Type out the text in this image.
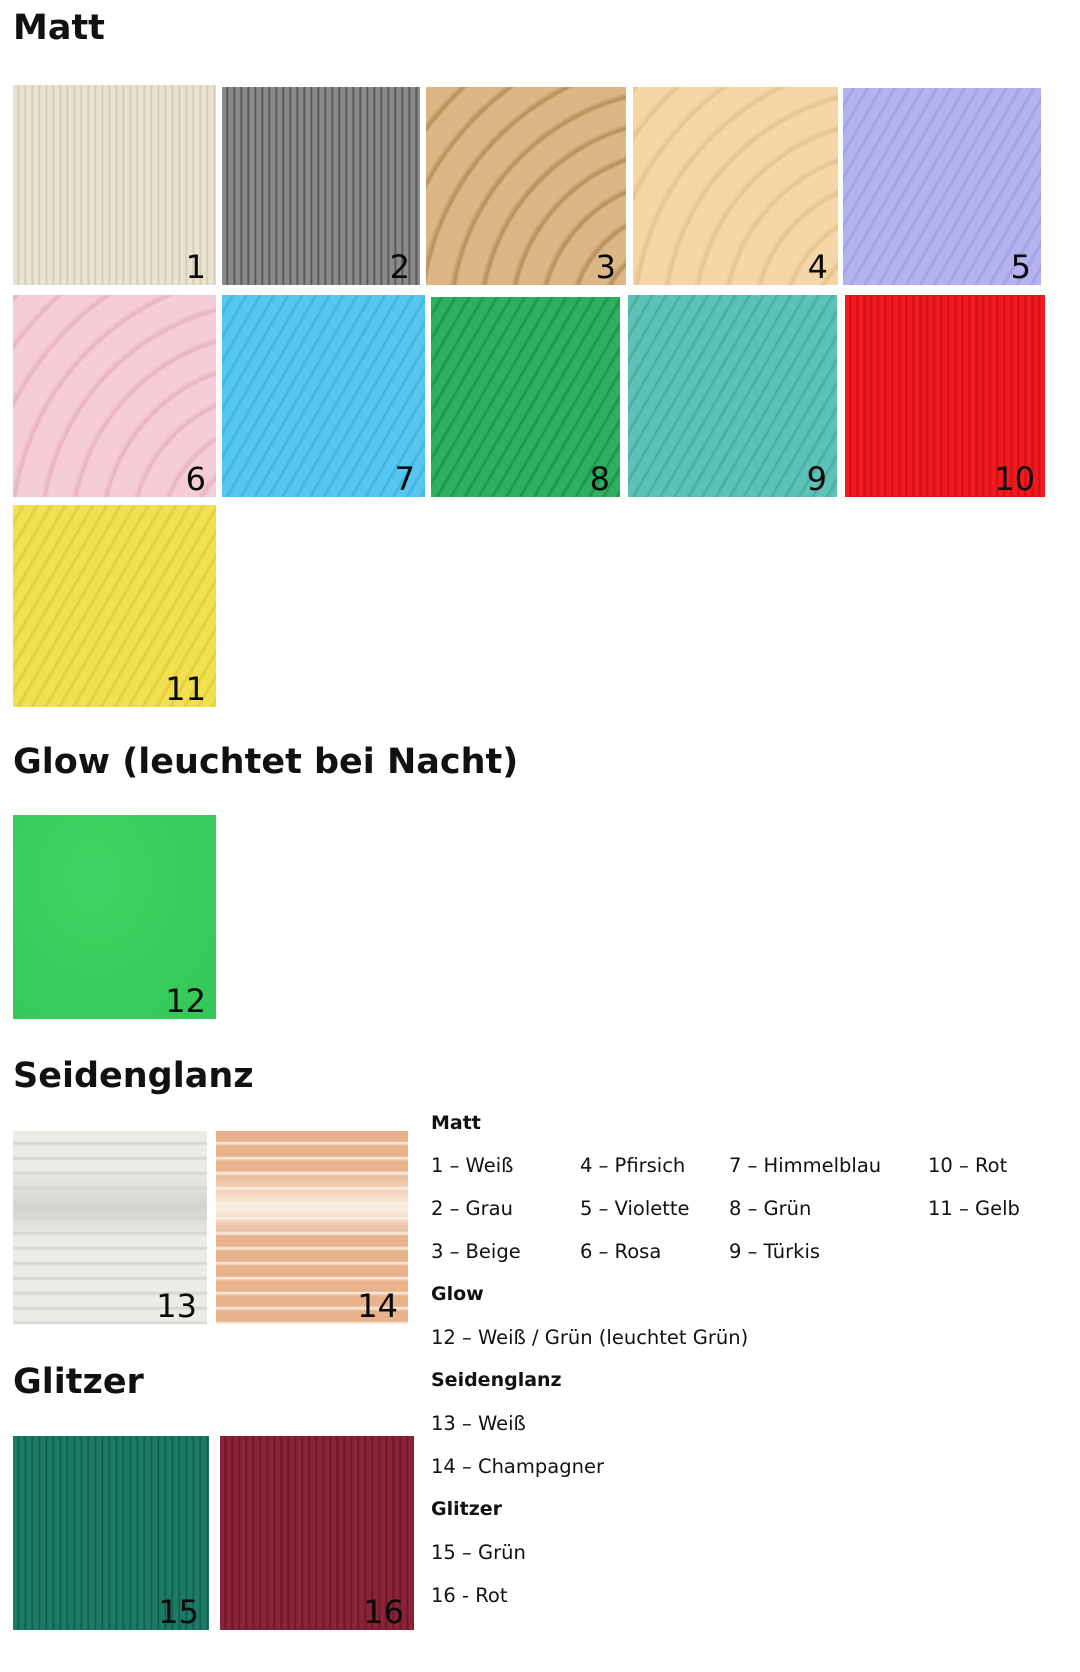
Matt
Glow (leuchtet bei Nacht)
Seidenglanz
Glitzer
1	2	3	4	5
6	7	8	9	10
11
12
13	14
15	16
Matt
1 – Weiß
2 – Grau
3 – Beige
4 – Pfirsich
5 – Violette
6 – Rosa
7 – Himmelblau
8 – Grün
9 – Türkis
10 – Rot
11 – Gelb
Glow
12 – Weiß / Grün (leuchtet Grün)
Seidenglanz
13 – Weiß
14 – Champagner
Glitzer
15 – Grün
16 - Rot
